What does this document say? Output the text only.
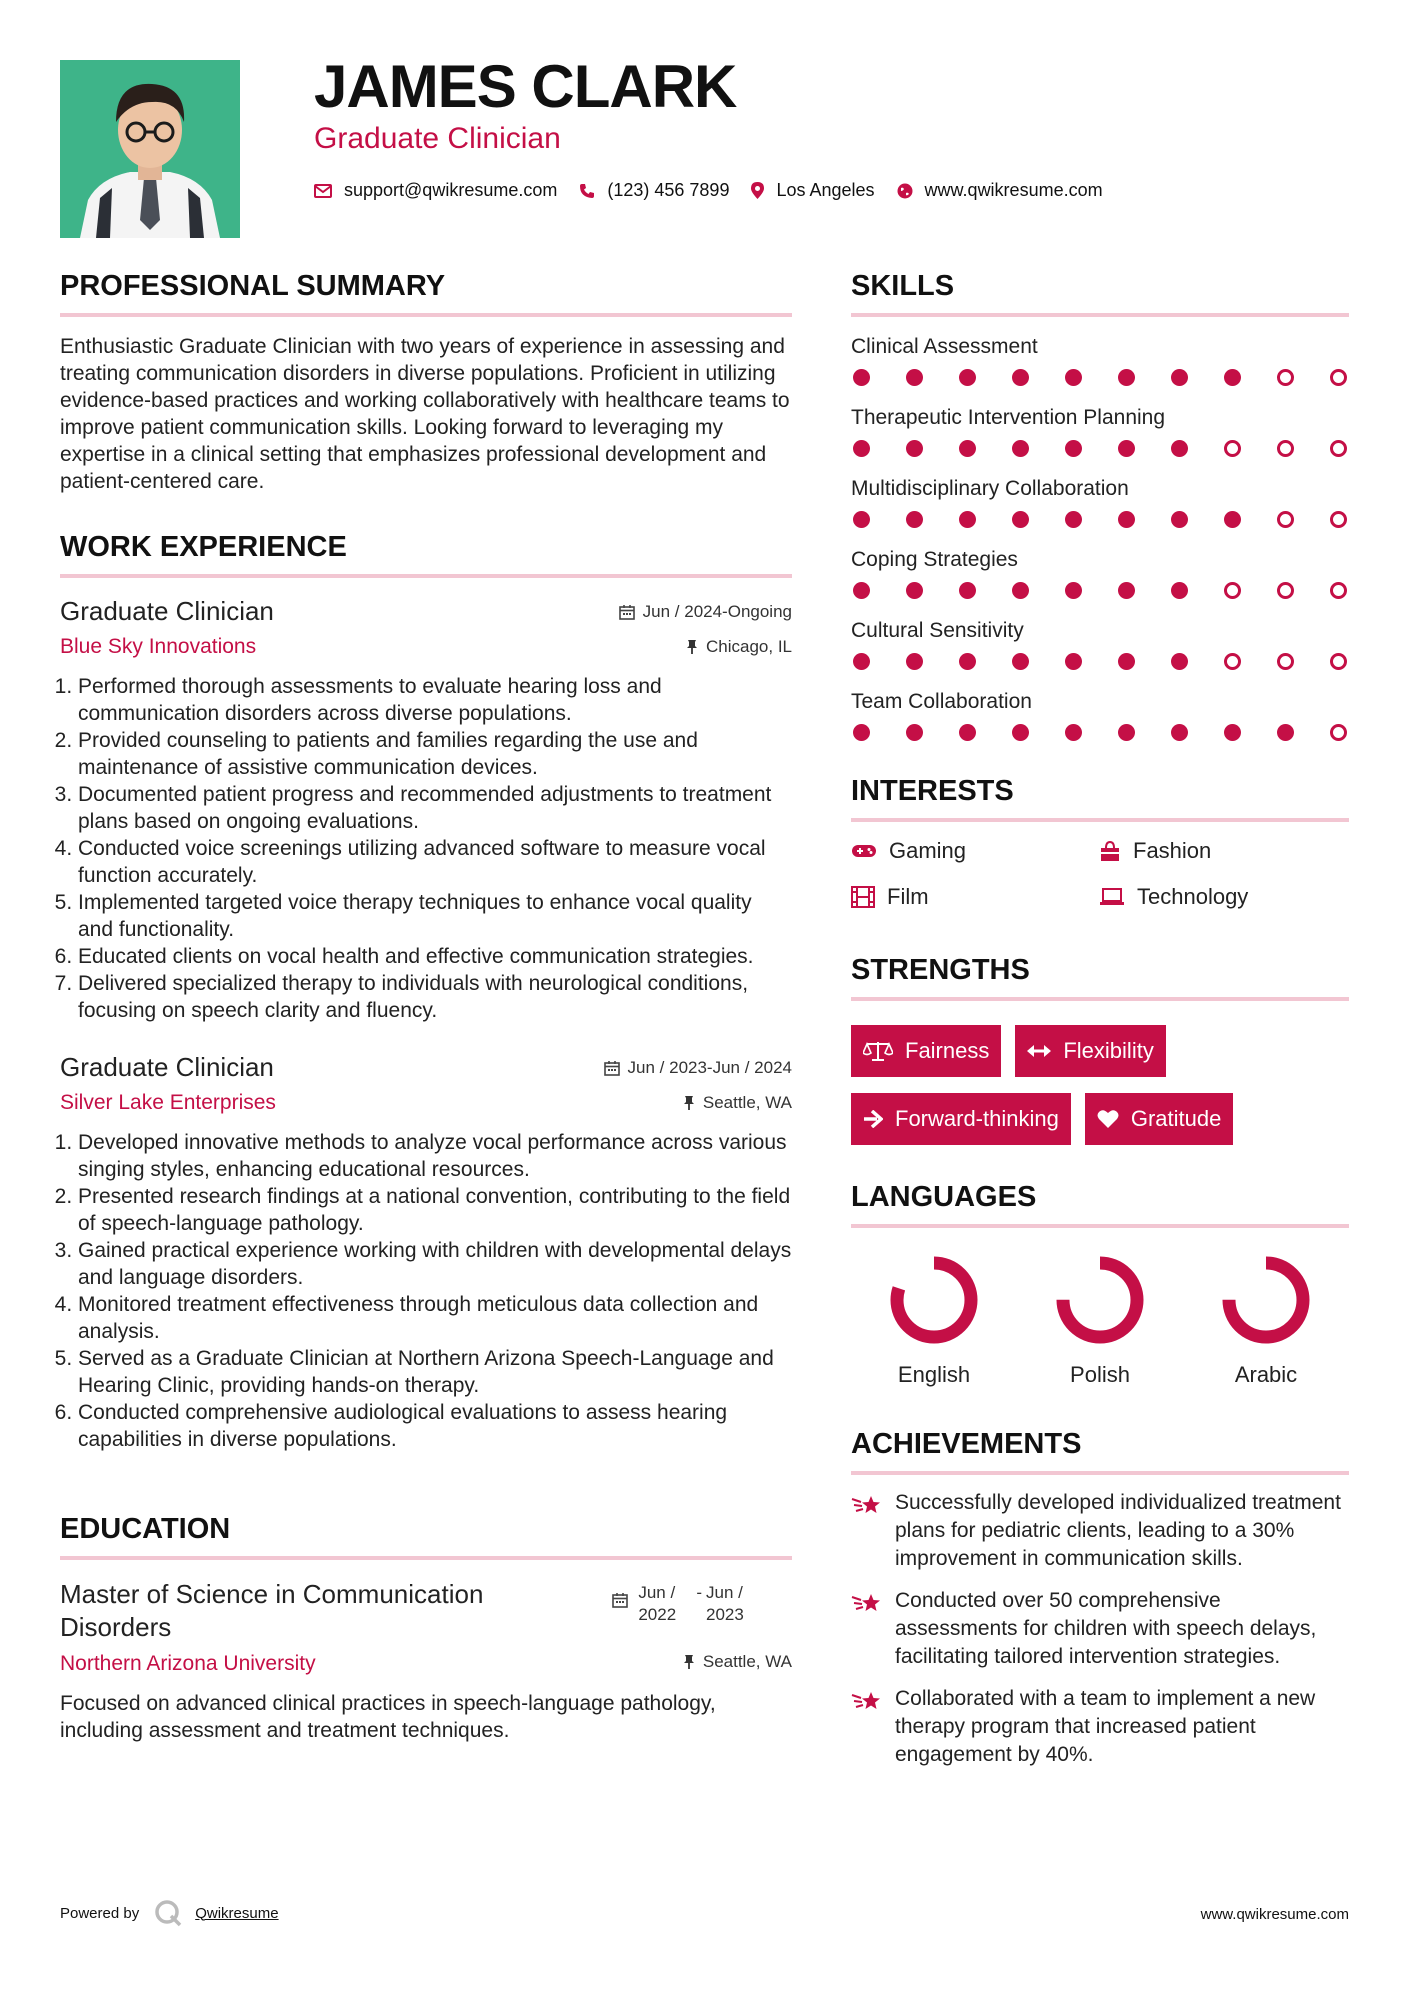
JAMES CLARK
Graduate Clinician
support@qwikresume.com	(123) 456 7899	Los Angeles	www.qwikresume.com
PROFESSIONAL SUMMARY
Enthusiastic Graduate Clinician with two years of experience in assessing and treating communication disorders in diverse populations. Proficient in utilizing evidence-based practices and working collaboratively with healthcare teams to improve patient communication skills. Looking forward to leveraging my expertise in a clinical setting that emphasizes professional development and patient-centered care.
WORK EXPERIENCE
Graduate Clinician
Blue Sky Innovations
Jun / 2024-Ongoing
Chicago, IL
1. Performed thorough assessments to evaluate hearing loss and communication disorders across diverse populations.
2. Provided counseling to patients and families regarding the use and maintenance of assistive communication devices.
3. Documented patient progress and recommended adjustments to treatment plans based on ongoing evaluations.
4. Conducted voice screenings utilizing advanced software to measure vocal function accurately.
5. Implemented targeted voice therapy techniques to enhance vocal quality and functionality.
6. Educated clients on vocal health and effective communication strategies.
7. Delivered specialized therapy to individuals with neurological conditions, focusing on speech clarity and fluency.
Graduate Clinician
Silver Lake Enterprises
Jun / 2023-Jun / 2024
Seattle, WA
1. Developed innovative methods to analyze vocal performance across various singing styles, enhancing educational resources.
2. Presented research findings at a national convention, contributing to the field of speech-language pathology.
3. Gained practical experience working with children with developmental delays and language disorders.
4. Monitored treatment effectiveness through meticulous data collection and analysis.
5. Served as a Graduate Clinician at Northern Arizona Speech-Language and Hearing Clinic, providing hands-on therapy.
6. Conducted comprehensive audiological evaluations to assess hearing capabilities in diverse populations.
EDUCATION
Master of Science in Communication Disorders
Northern Arizona University
Jun / 2022
- Jun / 2023
Seattle, WA
Focused on advanced clinical practices in speech-language pathology, including assessment and treatment techniques.
SKILLS
Clinical Assessment
Therapeutic Intervention Planning
Multidisciplinary Collaboration
Coping Strategies
Cultural Sensitivity
Team Collaboration
INTERESTS
Gaming	Fashion
Film	Technology
STRENGTHS
Fairness	Flexibility
Forward-thinking	Gratitude
LANGUAGES
English	Polish	Arabic
ACHIEVEMENTS
Successfully developed individualized treatment plans for pediatric clients, leading to a 30% improvement in communication skills.
Conducted over 50 comprehensive assessments for children with speech delays, facilitating tailored intervention strategies.
Collaborated with a team to implement a new therapy program that increased patient engagement by 40%.
Powered by	Qwikresume	www.qwikresume.com
